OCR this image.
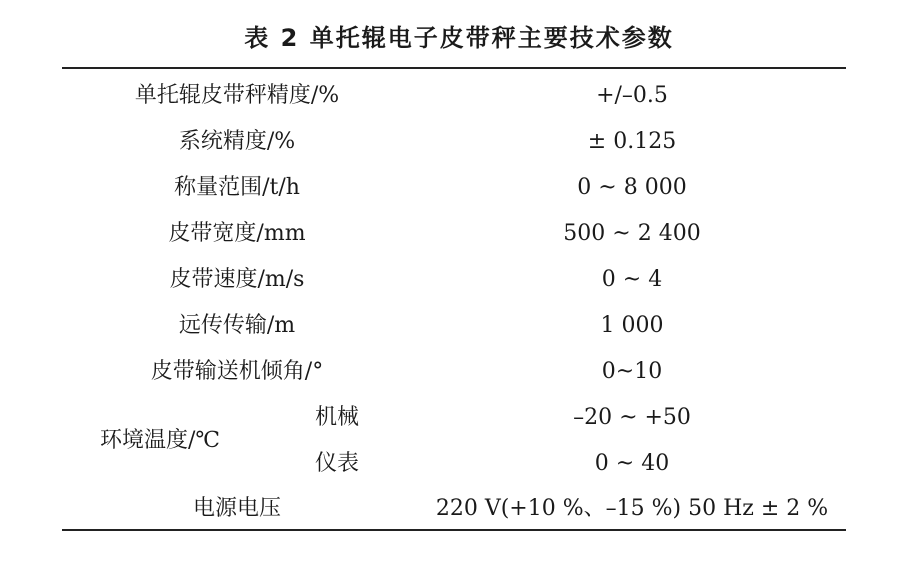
表 2 单托辊电子皮带秤主要技术参数
单托辊皮带秤精度/%	+/–0.5
系统精度/%	± 0.125
称量范围/t/h	0 ~ 8 000
皮带宽度/mm	500 ~ 2 400
皮带速度/m/s	0 ~ 4
远传传输/m	1 000
皮带输送机倾角/°	0~10
环境温度/℃
机械	–20 ~ +50
仪表	0 ~ 40
电源电压	220 V(+10 %、–15 %) 50 Hz ± 2 %
